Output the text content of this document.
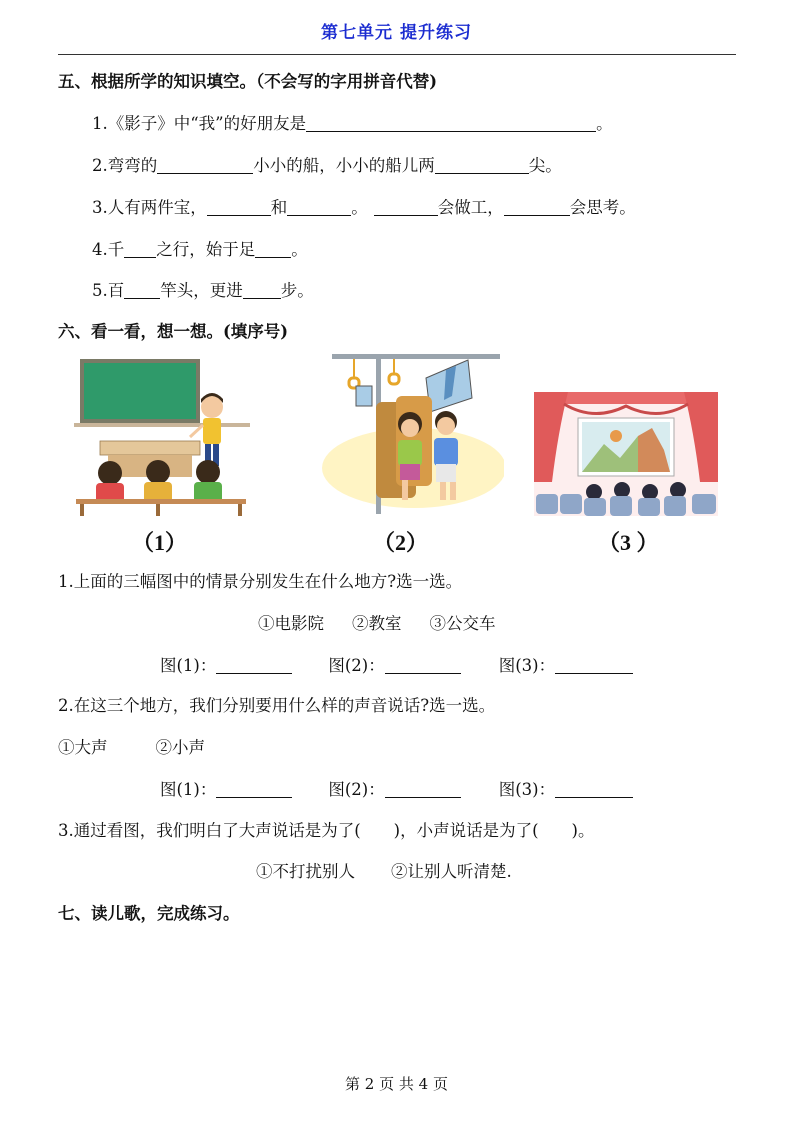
第七单元 提升练习
五、根据所学的知识填空。（不会写的字用拼音代替)
1.《影子》中“我”的好朋友是	。
2.弯弯的	小小的船，小小的船儿两	尖。
3.人有两件宝，	和	。	会做工，	会思考。
4.千 之行，始于足 。
5.百 竿头，更进 步。
六、看一看，想一想。(填序号)
（1）	（2）	（3 ）
1.上面的三幅图中的情景分别发生在什么地方?选一选。
①电影院 ②教室 ③公交车
图(1)：	图(2)：	图(3)：
2.在这三个地方，我们分别要用什么样的声音说话?选一选。
①大声	②小声
图(1)：	图(2)：	图(3)：
3.通过看图，我们明白了大声说话是为了(　　)，小声说话是为了(　　)。
①不打扰别人 ②让别人听清楚.
七、读儿歌，完成练习。
第 2 页 共 4 页
